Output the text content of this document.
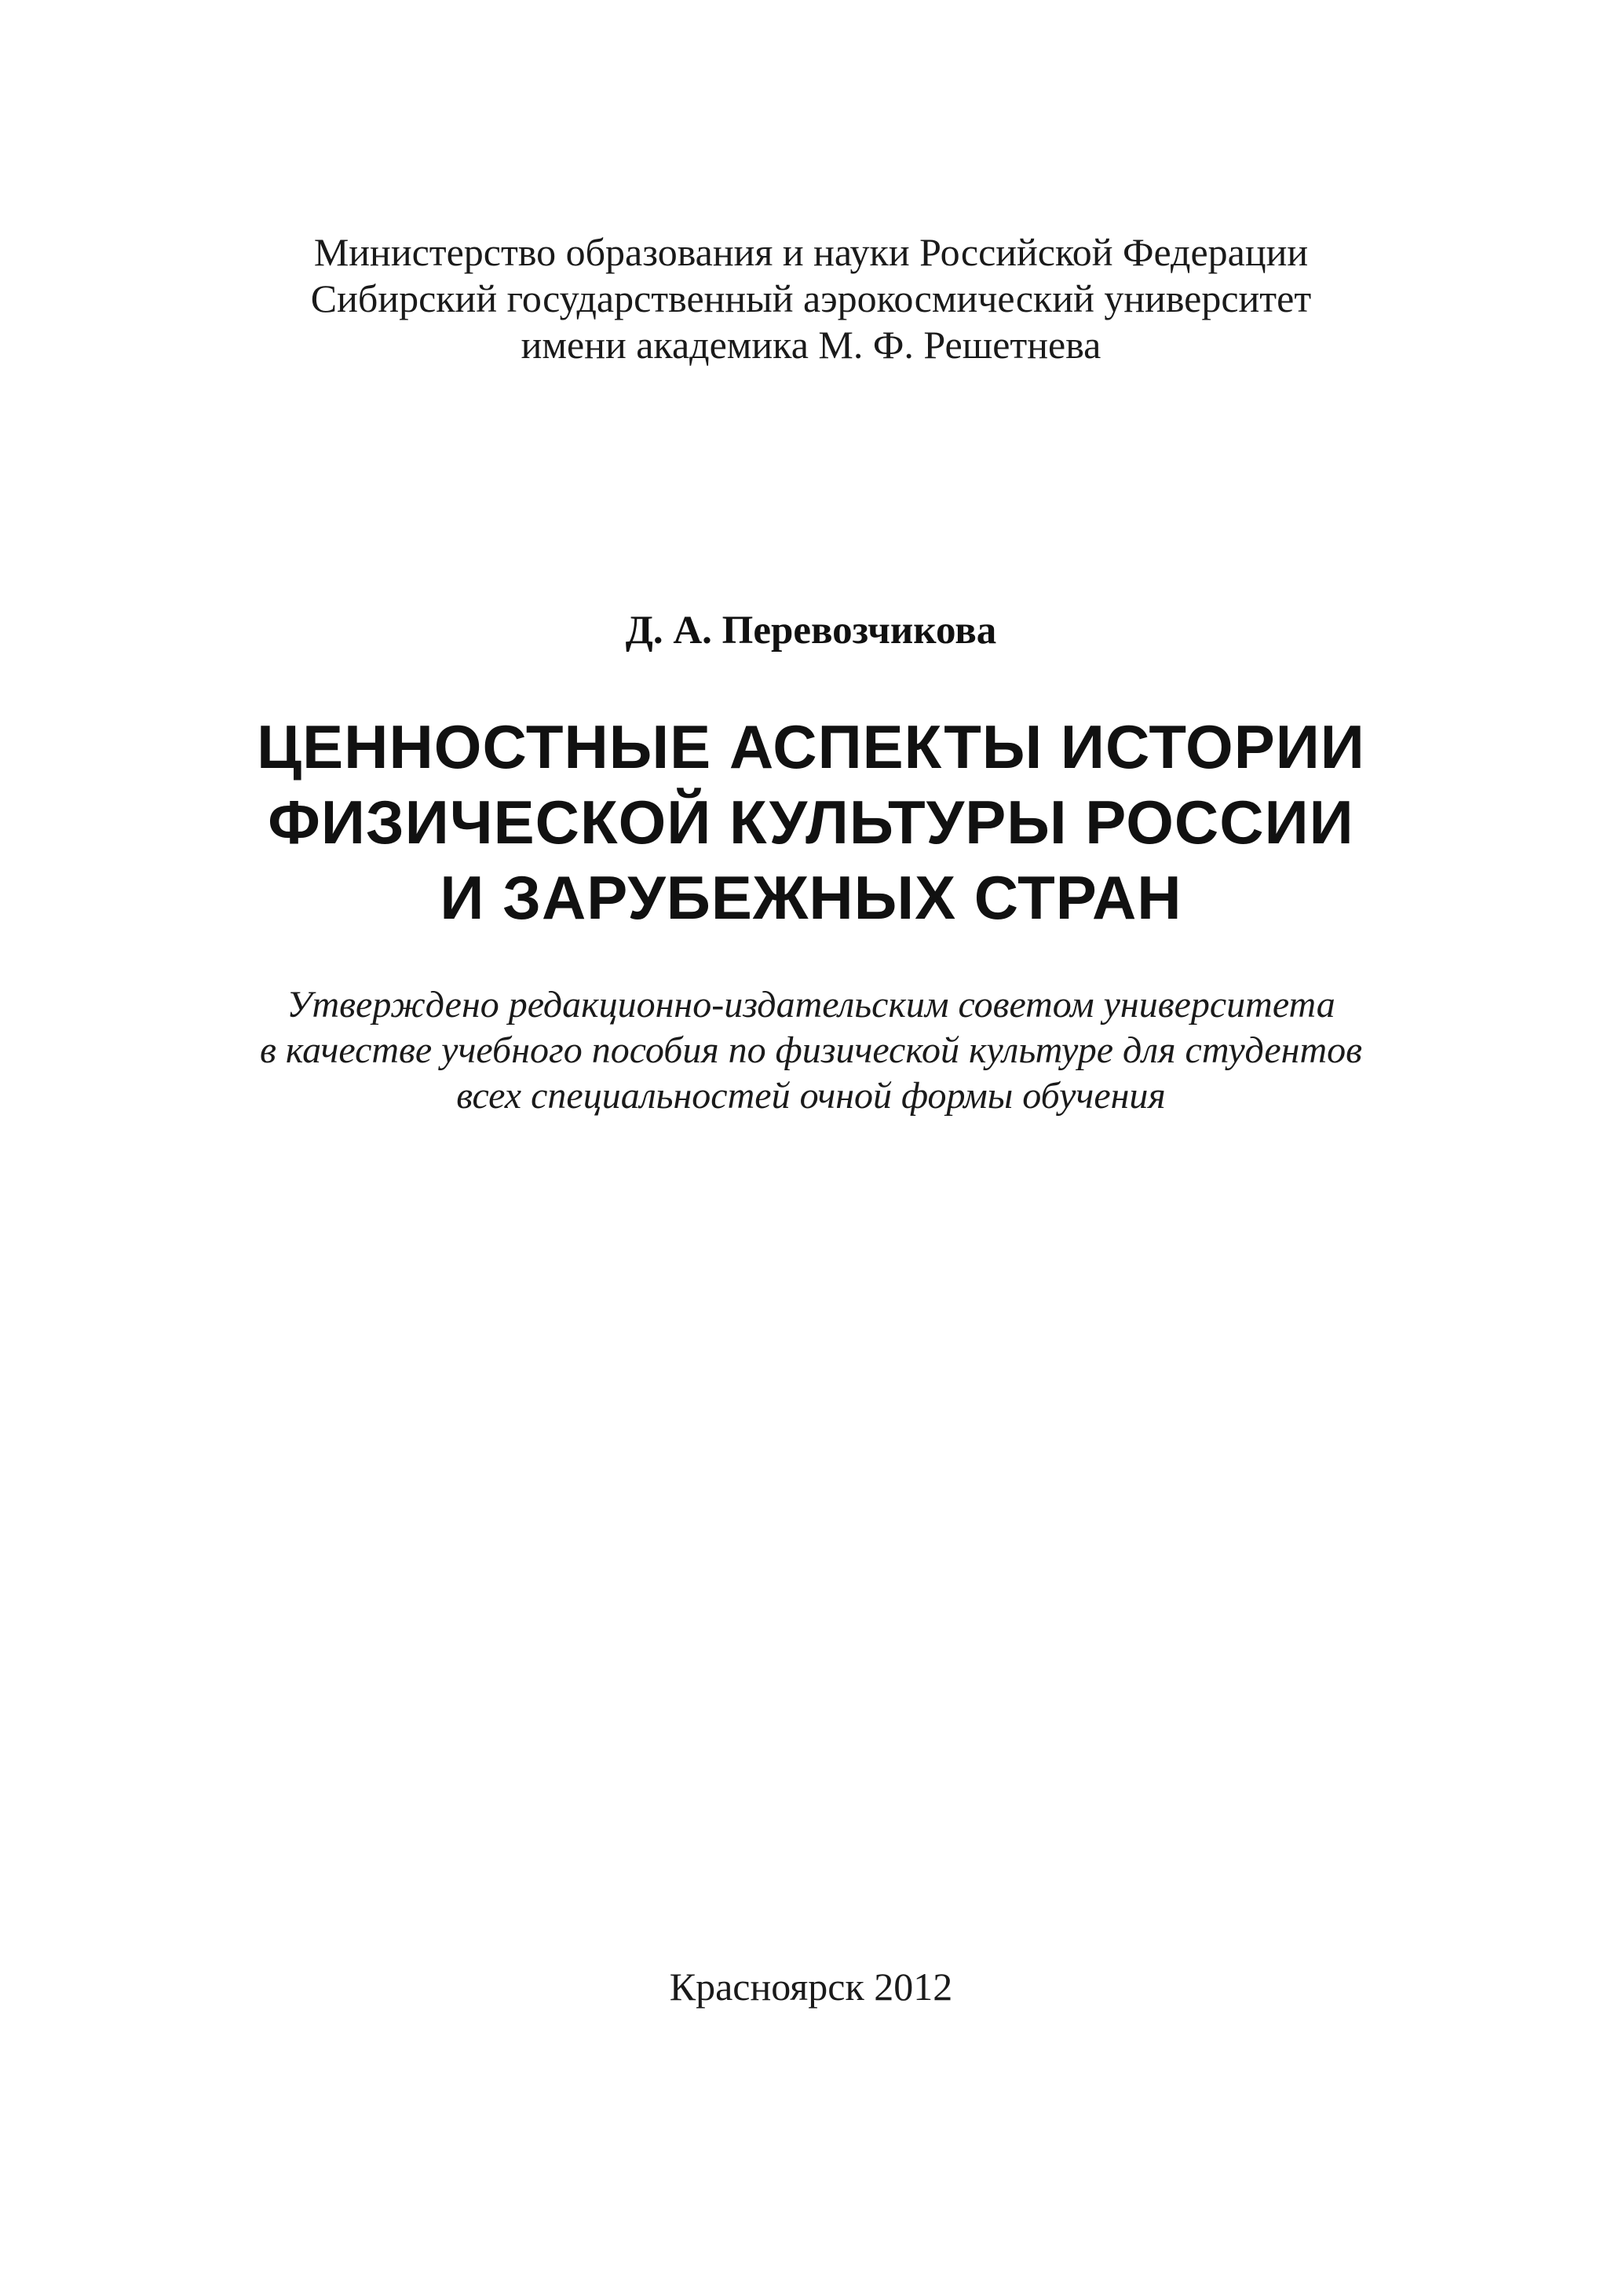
Министерство образования и науки Российской Федерации
Сибирский государственный аэрокосмический университет
имени академика М. Ф. Решетнева
Д. А. Перевозчикова
ЦЕННОСТНЫЕ АСПЕКТЫ ИСТОРИИ
ФИЗИЧЕСКОЙ КУЛЬТУРЫ РОССИИ
И ЗАРУБЕЖНЫХ СТРАН
Утверждено редакционно-издательским советом университета
в качестве учебного пособия по физической культуре для студентов
всех специальностей очной формы обучения
Красноярск 2012
